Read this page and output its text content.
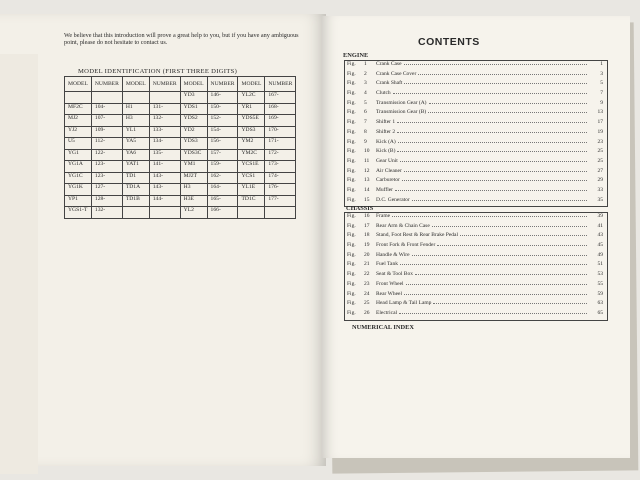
We believe that this introduction will prove a great help to you, but if you have any ambiguous point, please do not hesitate to contact us.
MODEL IDENTIFICATION (FIRST THREE DIGITS)
MODEL	NUMBER	MODEL	NUMBER	MODEL	NUMBER	MODEL	NUMBER
				YD3	146-	YL2C	167-
MF2C	104-	H1	131-	YDS1	150-	YR1	168-
MJ2	107-	H3	132-	YDS2	152-	YDS5E	169-
YJ2	109-	YL1	133-	YD2	154-	YDS3	170-
U5	112-	YA5	134-	YDS3	156-	YM2	171-
YG1	122-	YA6	135-	YDS3C	157-	YM2C	172-
YG1A	123-	YAT1	141-	YM1	159-	YCS1E	173-
YG1C	123-	TD1	143-	MJ2T	162-	YCS1	174-
YG1K	127-	TD1A	143-	H3	164-	YL1E	176-
YP1	128-	TD1B	144-	H3E	165-	TD1C	177-
YGS1-T	132-			YL2	166-		
CONTENTS
ENGINE
Fig.	1	Crank Case	1
Fig.	2	Crank Case Cover	3
Fig.	3	Crank Shaft	5
Fig.	4	Clutch	7
Fig.	5	Transmission Gear (A)	9
Fig.	6	Transmission Gear (B)	13
Fig.	7	Shifter 1	17
Fig.	8	Shifter 2	19
Fig.	9	Kick (A)	23
Fig.	10	Kick (B)	25
Fig.	11	Gear Unit	25
Fig.	12	Air Cleaner	27
Fig.	13	Carburetor	29
Fig.	14	Muffler	33
Fig.	15	D.C. Generator	35
CHASSIS
Fig.	16	Frame	39
Fig.	17	Rear Arm & Chain Case	41
Fig.	18	Stand, Foot Rest & Rear Brake Pedal	43
Fig.	19	Front Fork & Front Fender	45
Fig.	20	Handle & Wire	49
Fig.	21	Fuel Tank	51
Fig.	22	Seat & Tool Box	53
Fig.	23	Front Wheel	55
Fig.	24	Rear Wheel	59
Fig.	25	Head Lamp & Tail Lamp	63
Fig.	26	Electrical	65
NUMERICAL INDEX
